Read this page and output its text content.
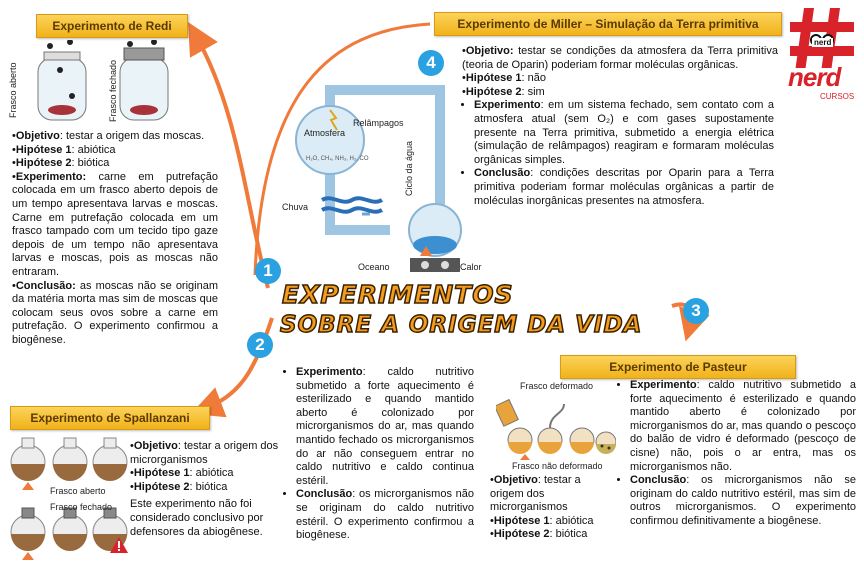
nerd
nerd
CURSOS
EXPERIMENTOS
SOBRE A ORIGEM DA VIDA
1
2
3
4
Experimento de Redi
Frasco aberto	Frasco fechado

•Objetivo: testar a origem das moscas.

•Hipótese 1: abiótica

•Hipótese 2: biótica

•Experimento: carne em putrefação colocada em um frasco aberto depois de um tempo apresentava larvas e moscas. Carne em putrefação colocada em um frasco tampado com um tecido tipo gaze depois de um tempo não apresentava larvas e moscas, pois as moscas não entraram.

•Conclusão: as moscas não se originam da matéria morta mas sim de moscas que colocam seus ovos sobre a carne em putrefação. O experimento confirmou a biogênese.

Experimento de Miller – Simulação da Terra primitiva
Relâmpagos
Atmosfera
H₂O, CH₄, NH₃, H₂, CO	Ciclo da água
Chuva
Oceano	Calor

•Objetivo: testar se condições da atmosfera da Terra primitiva (teoria de Oparin) poderiam formar moléculas orgânicas.

•Hipótese 1: não

•Hipótese 2: sim

• Experimento: em um sistema fechado, sem contato com a atmosfera atual (sem O₂) e com gases supostamente presente na Terra primitiva, submetido a energia elétrica (simulação de relâmpagos) reagiram e formaram moléculas orgânicas simples.
• Conclusão: condições descritas por Oparin para a Terra primitiva poderiam formar moléculas orgânicas a partir de moléculas inorgânicas presentes na atmosfera.
Experimento de Spallanzani
Frasco aberto
Frasco fechado

•Objetivo: testar a origem dos microrganismos

•Hipótese 1: abiótica

•Hipótese 2: biótica

Este experimento não foi considerado conclusivo por defensores da abiogênese.

• Experimento: caldo nutritivo submetido a forte aquecimento é esterilizado e quando mantido aberto é colonizado por microrganismos do ar, mas quando mantido fechado os microrganismos do ar não conseguem entrar no caldo nutritivo e caldo continua estéril.
• Conclusão: os microrganismos não se originam do caldo nutritivo estéril. O experimento confirmou a biogênese.
Experimento de Pasteur
Frasco deformado
Frasco não deformado

•Objetivo: testar a origem dos microrganismos

•Hipótese 1: abiótica

•Hipótese 2: biótica

• Experimento: caldo nutritivo submetido a forte aquecimento é esterilizado e quando mantido aberto é colonizado por microrganismos do ar, mas quando o pescoço do balão de vidro é deformado (pescoço de cisne) não, pois o ar entra, mas os microrganismos não.
• Conclusão: os microrganismos não se originam do caldo nutritivo estéril, mas sim de outros microrganismos. O experimento confirmou definitivamente a biogênese.
